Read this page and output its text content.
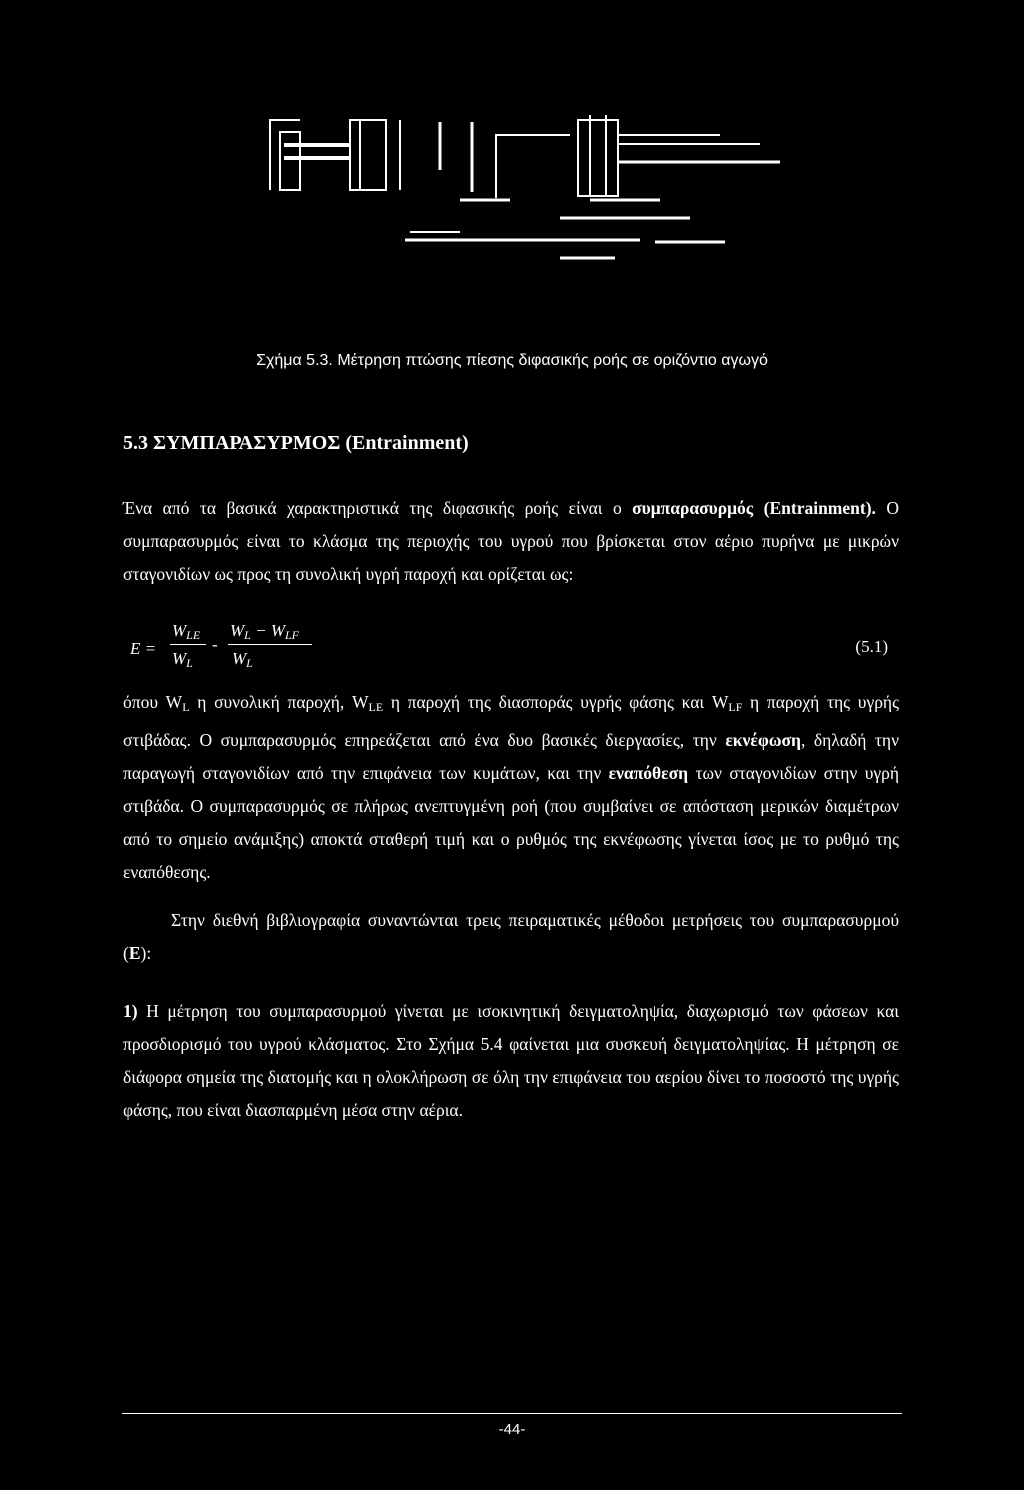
Σχήμα 5.3. Μέτρηση πτώσης πίεσης διφασικής ροής σε οριζόντιο αγωγό
5.3 ΣΥΜΠΑΡΑΣΥΡΜΟΣ (Entrainment)

Ένα από τα βασικά χαρακτηριστικά της διφασικής ροής είναι ο συμπαρασυρμός (Entrainment). Ο συμπαρασυρμός είναι το κλάσμα της περιοχής του υγρού που βρίσκεται στον αέριο πυρήνα με μικρών σταγονιδίων ως προς τη συνολική υγρή παροχή και ορίζεται ως:

E =
$W_{LE}$
$W_L$
-
$W_L - W_{LF}$
$W_L$
(5.1)

όπου $W_L$ η συνολική παροχή, $W_{LE}$ η παροχή της διασποράς υγρής φάσης και $W_{LF}$ η παροχή της υγρής στιβάδας. Ο συμπαρασυρμός επηρεάζεται από ένα δυο βασικές διεργασίες, την εκνέφωση, δηλαδή την παραγωγή σταγονιδίων από την επιφάνεια των κυμάτων, και την εναπόθεση των σταγονιδίων στην υγρή στιβάδα. Ο συμπαρασυρμός σε πλήρως ανεπτυγμένη ροή (που συμβαίνει σε απόσταση μερικών διαμέτρων από το σημείο ανάμιξης) αποκτά σταθερή τιμή και ο ρυθμός της εκνέφωσης γίνεται ίσος με το ρυθμό της εναπόθεσης.

Στην διεθνή βιβλιογραφία συναντώνται τρεις πειραματικές μέθοδοι μετρήσεις του συμπαρασυρμού (Ε):

1) Η μέτρηση του συμπαρασυρμού γίνεται με ισοκινητική δειγματοληψία, διαχωρισμό των φάσεων και προσδιορισμό του υγρού κλάσματος. Στο Σχήμα 5.4 φαίνεται μια συσκευή δειγματοληψίας. Η μέτρηση σε διάφορα σημεία της διατομής και η ολοκλήρωση σε όλη την επιφάνεια του αερίου δίνει το ποσοστό της υγρής φάσης, που είναι διασπαρμένη μέσα στην αέρια.

-44-
